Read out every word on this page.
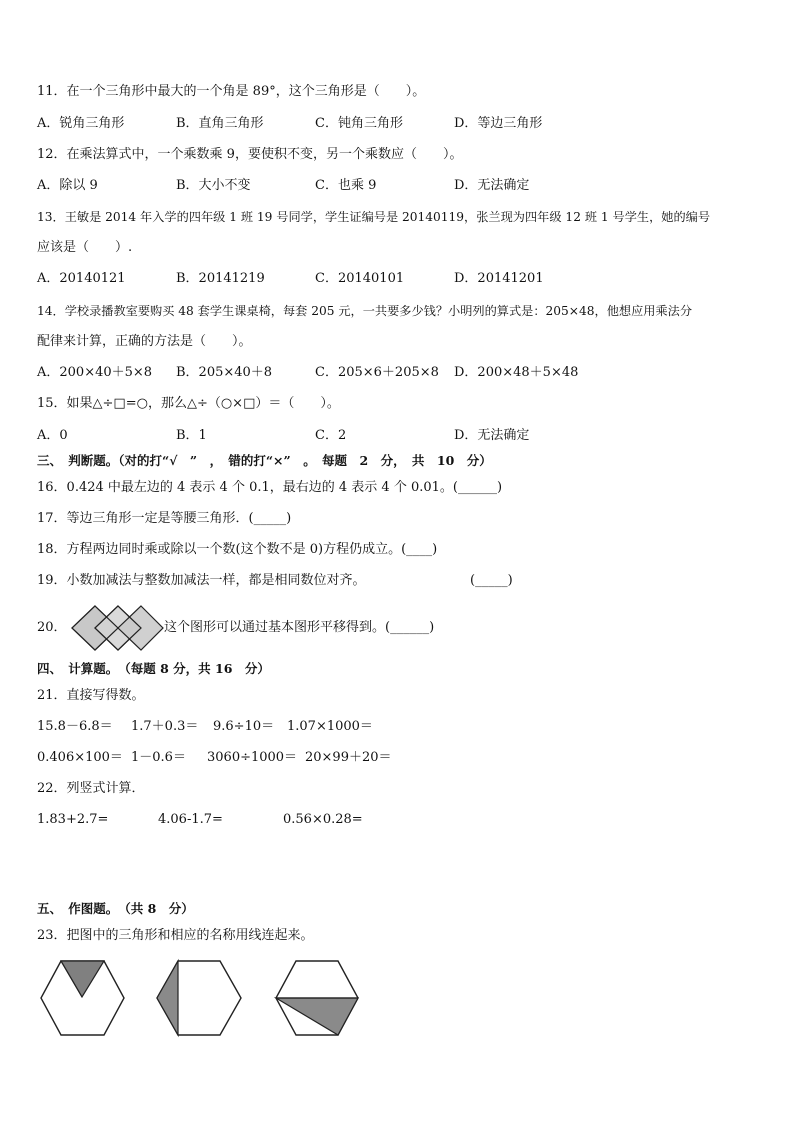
11．在一个三角形中最大的一个角是 89°，这个三角形是（　　）。
A．锐角三角形	B．直角三角形	C．钝角三角形	D．等边三角形
12．在乘法算式中，一个乘数乘 9，要使积不变，另一个乘数应（　　）。
A．除以 9	B．大小不变	C．也乘 9	D．无法确定
13．王敏是 2014 年入学的四年级 1 班 19 号同学，学生证编号是 20140119，张兰现为四年级 12 班 1 号学生，她的编号
应该是（　　）.
A．20140121	B．20141219	C．20140101	D．20141201
14．学校录播教室要购买 48 套学生课桌椅，每套 205 元，一共要多少钱？小明列的算式是：205×48，他想应用乘法分
配律来计算，正确的方法是（　　）。
A．200×40＋5×8 B．205×40＋8	C．205×6＋205×8 D．200×48＋5×48
15．如果△÷□=○，那么△÷（○×□）＝（　　）。
A．0	B．1	C．2	D．无法确定
三、　判断题。（对的打“√　”　，　错的打“×”　。　每题　2　分，　共　10　分）
16．0.424 中最左边的 4 表示 4 个 0.1，最右边的 4 表示 4 个 0.01。(______)
17．等边三角形一定是等腰三角形．(_____)
18．方程两边同时乘或除以一个数(这个数不是 0)方程仍成立。(____)
19．小数加减法与整数加减法一样，都是相同数位对齐。	(_____)
20．	这个图形可以通过基本图形平移得到。(______)
四、　计算题。　（每题 8 分，共 16　分）
21．直接写得数。
15.8－6.8＝ 1.7＋0.3＝ 9.6÷10＝ 1.07×1000＝
0.406×100＝ 1－0.6＝ 3060÷1000＝ 20×99＋20＝
22．列竖式计算．
1.83+2.7=	4.06-1.7=	0.56×0.28=
五、　作图题。　（共 8　分）
23．把图中的三角形和相应的名称用线连起来。
